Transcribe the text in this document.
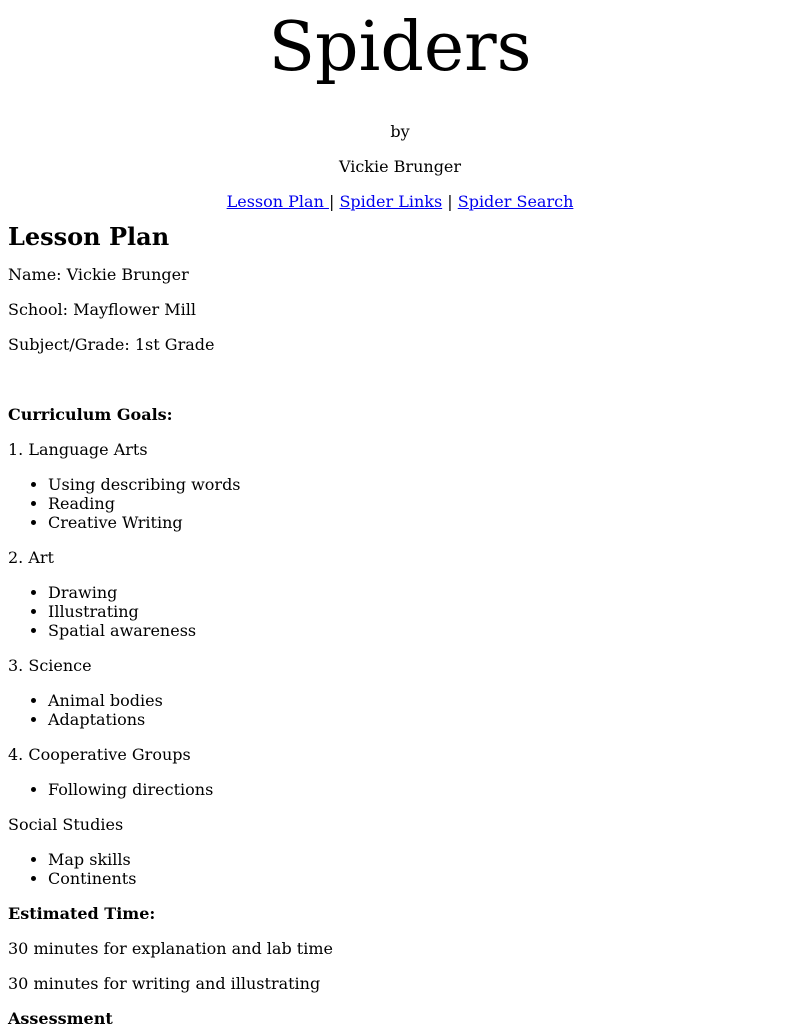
Spiders

by

Vickie Brunger

Lesson Plan | Spider Links | Spider Search

Lesson Plan

Name: Vickie Brunger

School: Mayflower Mill

Subject/Grade: 1st Grade

Curriculum Goals:

1. Language Arts

• Using describing words
• Reading
• Creative Writing

2. Art

• Drawing
• Illustrating
• Spatial awareness

3. Science

• Animal bodies
• Adaptations

4. Cooperative Groups

• Following directions

Social Studies

• Map skills
• Continents

Estimated Time:

30 minutes for explanation and lab time

30 minutes for writing and illustrating

Assessment
